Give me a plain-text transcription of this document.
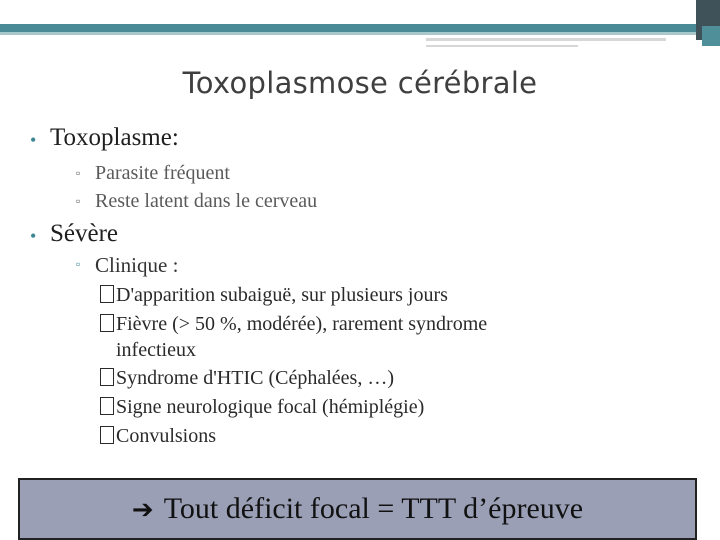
Toxoplasmose cérébrale
• Toxoplasme:
▫ Parasite fréquent
▫ Reste latent dans le cerveau
• Sévère
▫ Clinique :
D'apparition subaiguë, sur plusieurs jours
Fièvre (> 50 %, modérée), rarement syndrome
infectieux
Syndrome d'HTIC (Céphalées, …)
Signe neurologique focal (hémiplégie)
Convulsions
➔ Tout déficit focal = TTT d’épreuve
